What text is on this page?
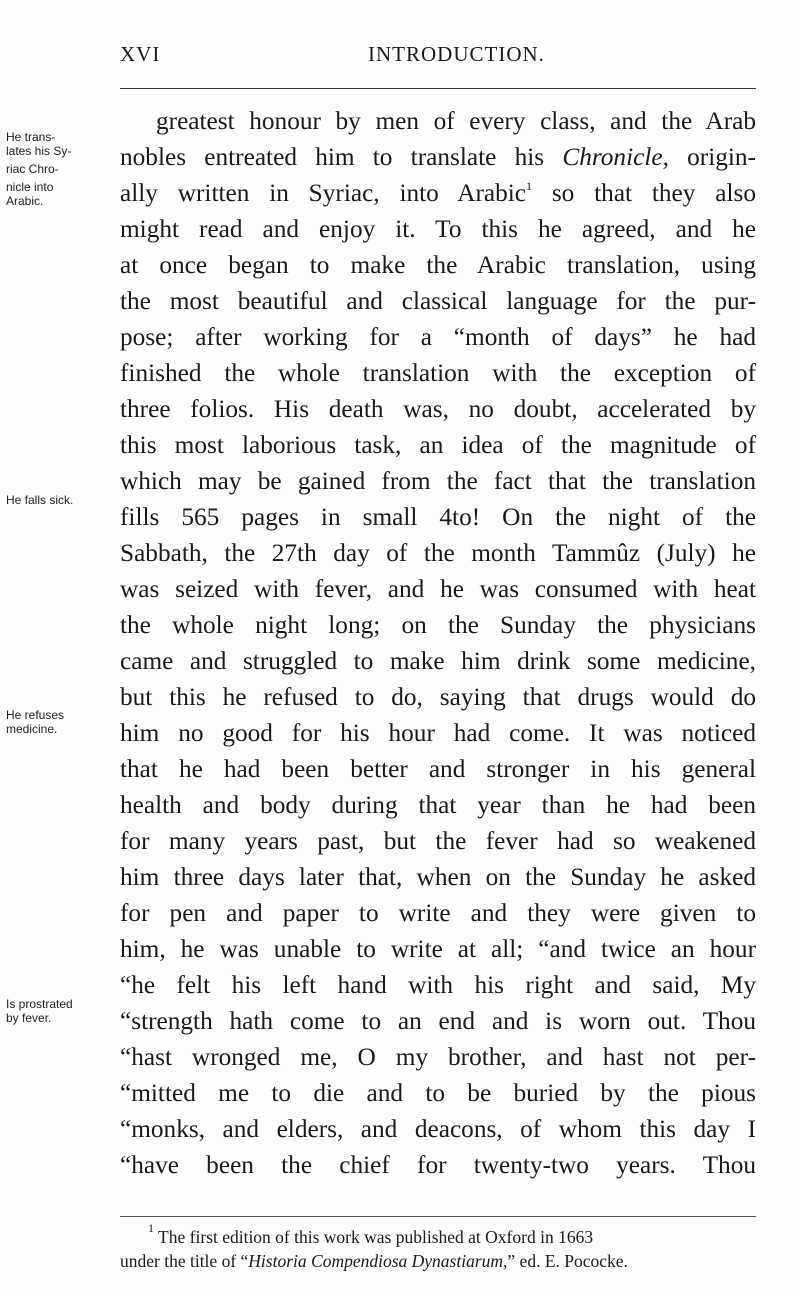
XVI	INTRODUCTION.
He trans-
lates his Sy-
riac Chro-
nicle into
Arabic.
He falls sick.
He refuses
medicine.
Is prostrated
by fever.
greatest honour by men of every class, and the Arab
nobles entreated him to translate his Chronicle, origin-
ally written in Syriac, into Arabic$^1$ so that they also
might read and enjoy it. To this he agreed, and he
at once began to make the Arabic translation, using
the most beautiful and classical language for the pur-
pose; after working for a “month of days” he had
finished the whole translation with the exception of
three folios. His death was, no doubt, accelerated by
this most laborious task, an idea of the magnitude of
which may be gained from the fact that the translation
fills 565 pages in small 4to! On the night of the
Sabbath, the 27th day of the month Tammûz (July) he
was seized with fever, and he was consumed with heat
the whole night long; on the Sunday the physicians
came and struggled to make him drink some medicine,
but this he refused to do, saying that drugs would do
him no good for his hour had come. It was noticed
that he had been better and stronger in his general
health and body during that year than he had been
for many years past, but the fever had so weakened
him three days later that, when on the Sunday he asked
for pen and paper to write and they were given to
him, he was unable to write at all; “and twice an hour
“he felt his left hand with his right and said, My
“strength hath come to an end and is worn out. Thou
“hast wronged me, O my brother, and hast not per-
“mitted me to die and to be buried by the pious
“monks, and elders, and deacons, of whom this day I
“have been the chief for twenty-two years. Thou
$^1$ The first edition of this work was published at Oxford in 1663
under the title of “Historia Compendiosa Dynastiarum,” ed. E. Pococke.
